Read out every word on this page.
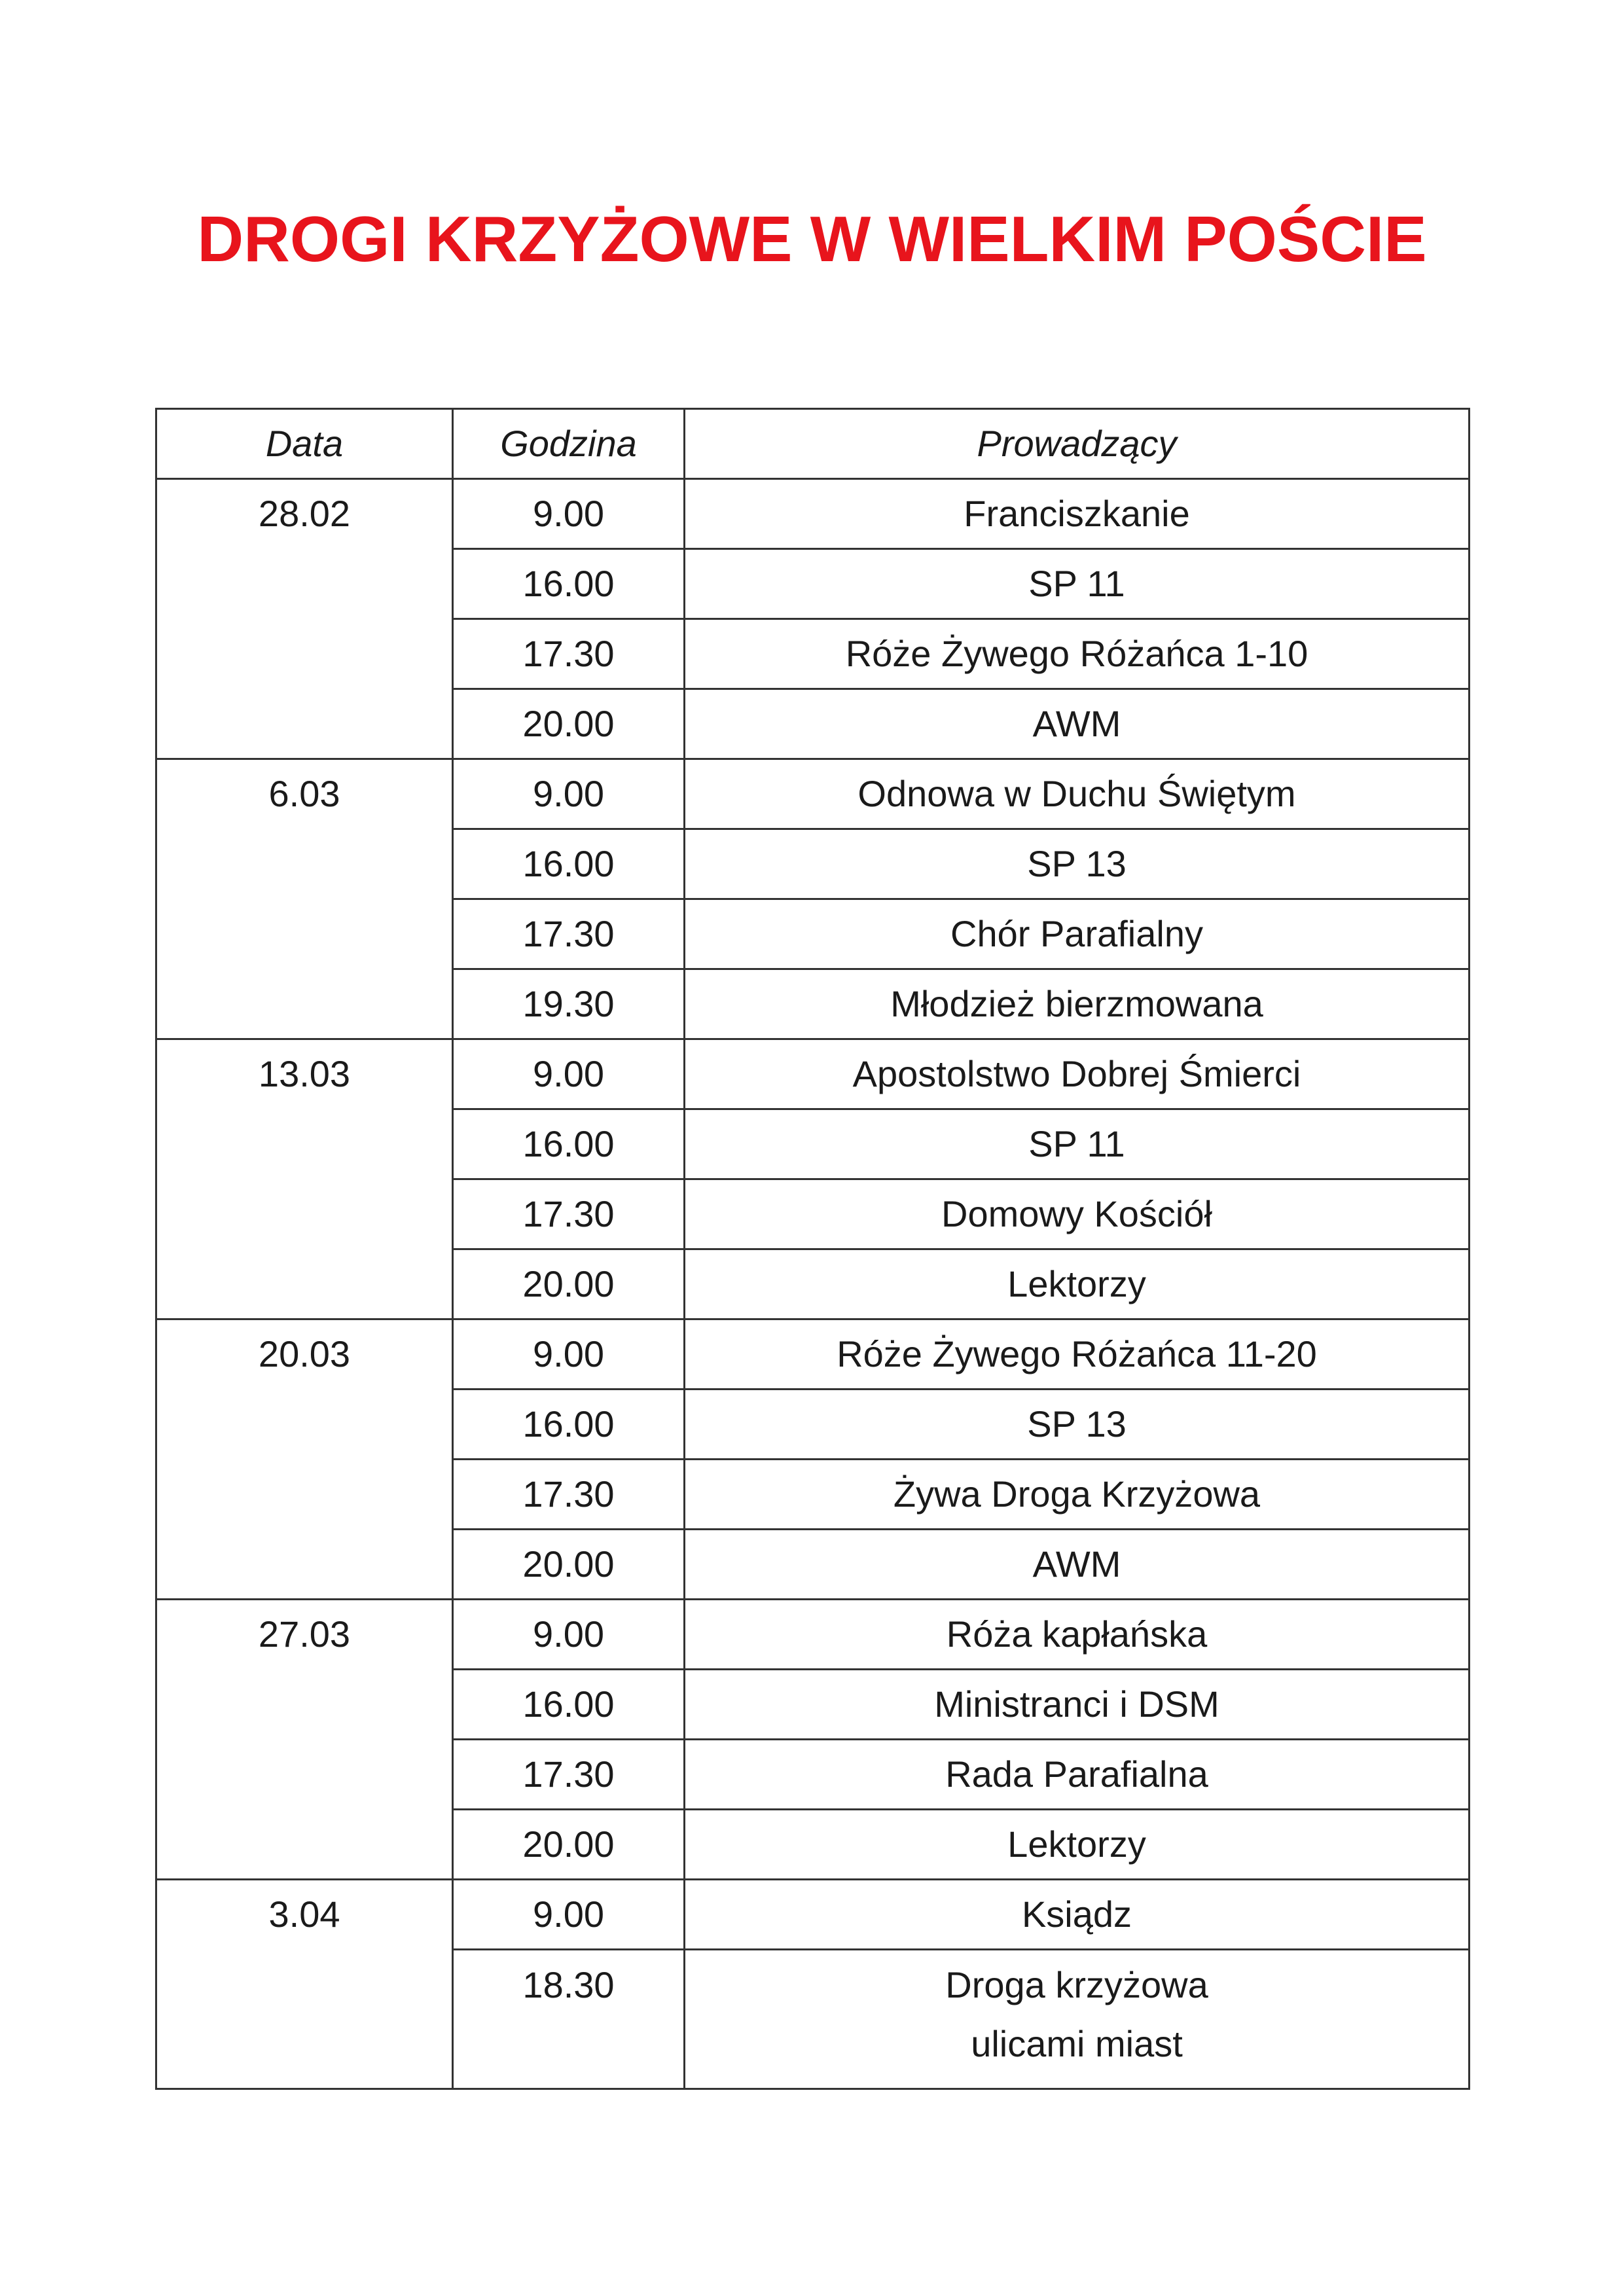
DROGI KRZYŻOWE W WIELKIM POŚCIE
Data	Godzina	Prowadzący
28.02	9.00	Franciszkanie
	16.00	SP 11
	17.30	Róże Żywego Różańca 1-10
	20.00	AWM
6.03	9.00	Odnowa w Duchu Świętym
	16.00	SP 13
	17.30	Chór Parafialny
	19.30	Młodzież bierzmowana
13.03	9.00	Apostolstwo Dobrej Śmierci
	16.00	SP 11
	17.30	Domowy Kościół
	20.00	Lektorzy
20.03	9.00	Róże Żywego Różańca 11-20
	16.00	SP 13
	17.30	Żywa Droga Krzyżowa
	20.00	AWM
27.03	9.00	Róża kapłańska
	16.00	Ministranci i DSM
	17.30	Rada Parafialna
	20.00	Lektorzy
3.04	9.00	Ksiądz
	18.30	Droga krzyżowa
ulicami miast
